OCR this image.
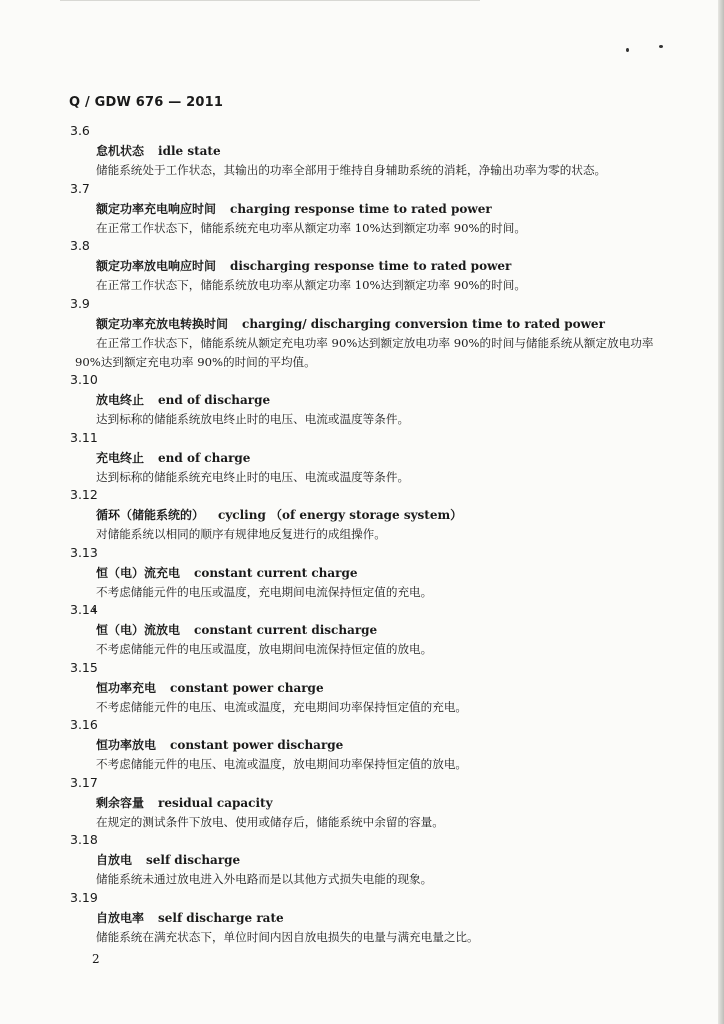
Q / GDW 676 — 2011
3.6
怠机状态 idle state
储能系统处于工作状态，其输出的功率全部用于维持自身辅助系统的消耗，净输出功率为零的状态。
3.7
额定功率充电响应时间 charging response time to rated power
在正常工作状态下，储能系统充电功率从额定功率 10%达到额定功率 90%的时间。
3.8
额定功率放电响应时间 discharging response time to rated power
在正常工作状态下，储能系统放电功率从额定功率 10%达到额定功率 90%的时间。
3.9
额定功率充放电转换时间 charging/ discharging conversion time to rated power
在正常工作状态下，储能系统从额定充电功率 90%达到额定放电功率 90%的时间与储能系统从额定放电功率 90%达到额定充电功率 90%的时间的平均值。
3.10
放电终止 end of discharge
达到标称的储能系统放电终止时的电压、电流或温度等条件。
3.11
充电终止 end of charge
达到标称的储能系统充电终止时的电压、电流或温度等条件。
3.12
循环（储能系统的） cycling （of energy storage system）
对储能系统以相同的顺序有规律地反复进行的成组操作。
3.13
恒（电）流充电 constant current charge
不考虑储能元件的电压或温度，充电期间电流保持恒定值的充电。
3.14
恒（电）流放电 constant current discharge
不考虑储能元件的电压或温度，放电期间电流保持恒定值的放电。
3.15
恒功率充电 constant power charge
不考虑储能元件的电压、电流或温度，充电期间功率保持恒定值的充电。
3.16
恒功率放电 constant power discharge
不考虑储能元件的电压、电流或温度，放电期间功率保持恒定值的放电。
3.17
剩余容量 residual capacity
在规定的测试条件下放电、使用或储存后，储能系统中余留的容量。
3.18
自放电 self discharge
储能系统未通过放电进入外电路而是以其他方式损失电能的现象。
3.19
自放电率 self discharge rate
储能系统在满充状态下，单位时间内因自放电损失的电量与满充电量之比。
2
